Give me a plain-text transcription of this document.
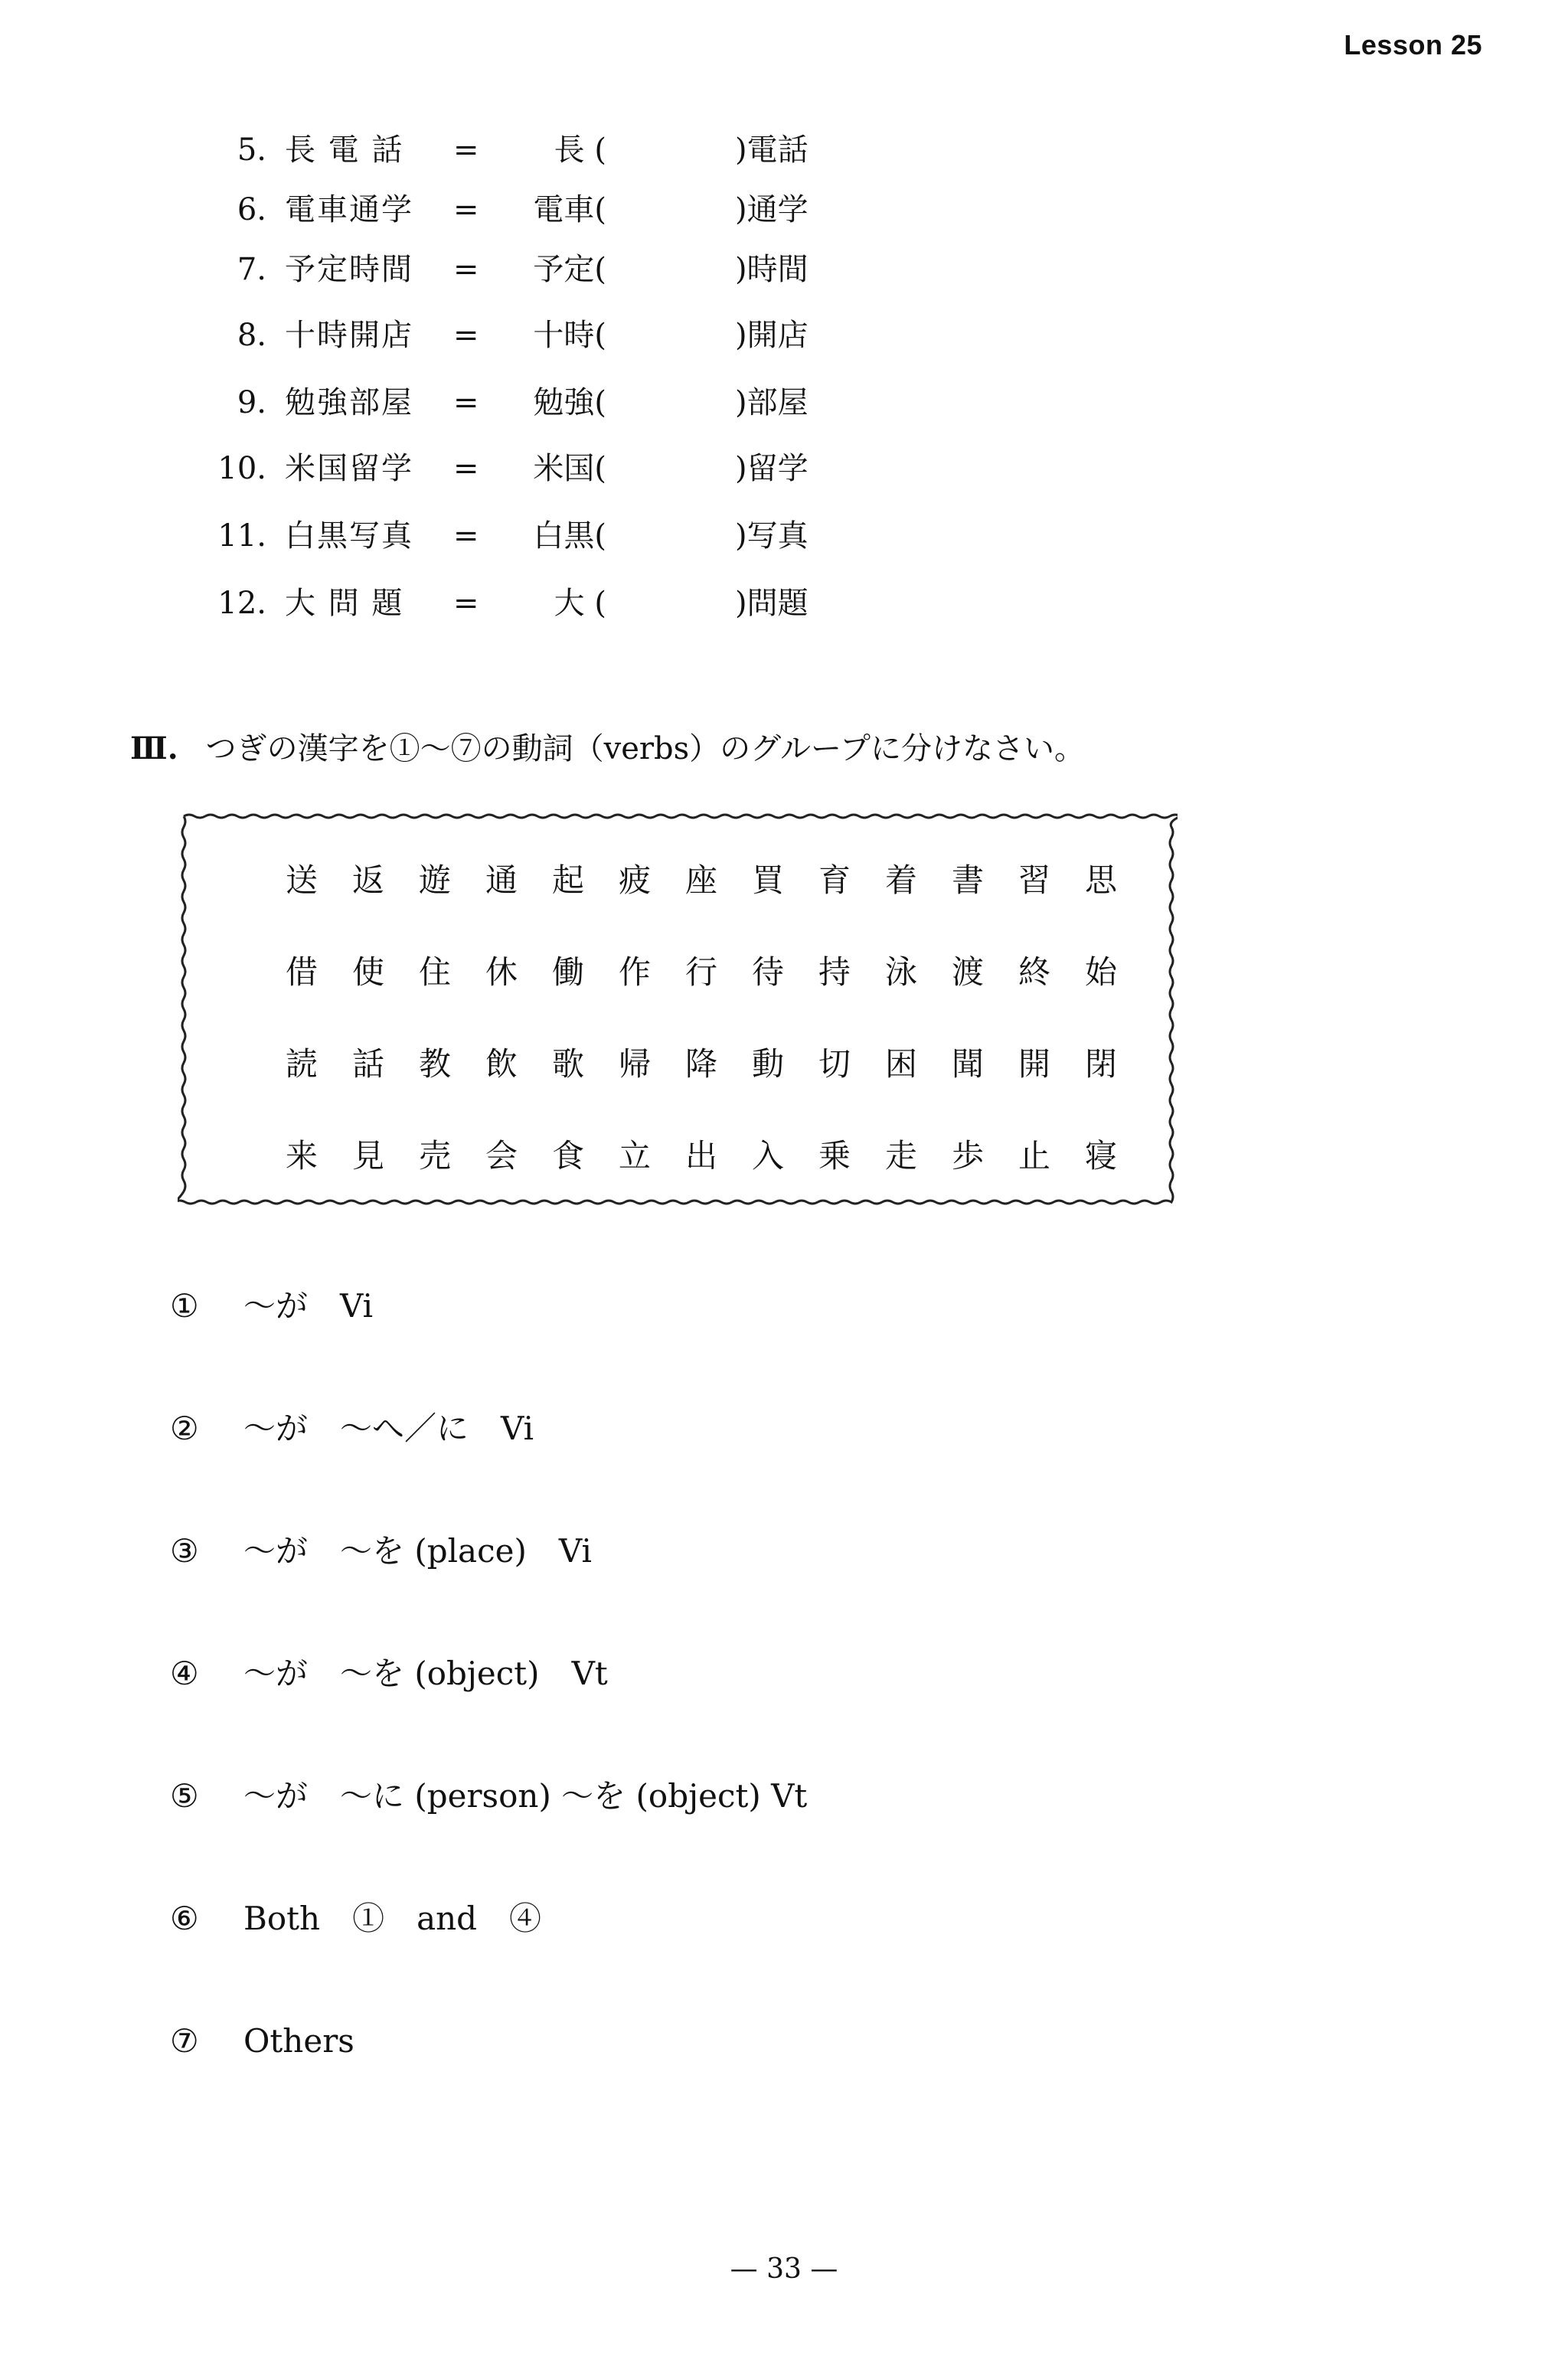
Lesson 25
5. 長 電 話 =	長 (	)電話
6. 電車通学 =	電車(	)通学
7. 予定時間 =	予定(	)時間
8. 十時開店 =	十時(	)開店
9. 勉強部屋 =	勉強(	)部屋
10. 米国留学 =	米国(	)留学
11. 白黒写真 =	白黒(	)写真
12. 大 問 題 =	大 (	)問題
Ⅲ. つぎの漢字を①～⑦の動詞（verbs）のグループに分けなさい。
送	返	遊	通	起	疲	座	買	育	着	書	習	思
借	使	住	休	働	作	行	待	持	泳	渡	終	始
読	話	教	飲	歌	帰	降	動	切	困	聞	開	閉
来	見	売	会	食	立	出	入	乗	走	歩	止	寝
① ～が　Vi
② ～が　～へ／に　Vi
③ ～が　～を (place)　Vi
④ ～が　～を (object)　Vt
⑤ ～が　～に (person) ～を (object) Vt
⑥ Both　①　and　④
⑦ Others
— 33 —
